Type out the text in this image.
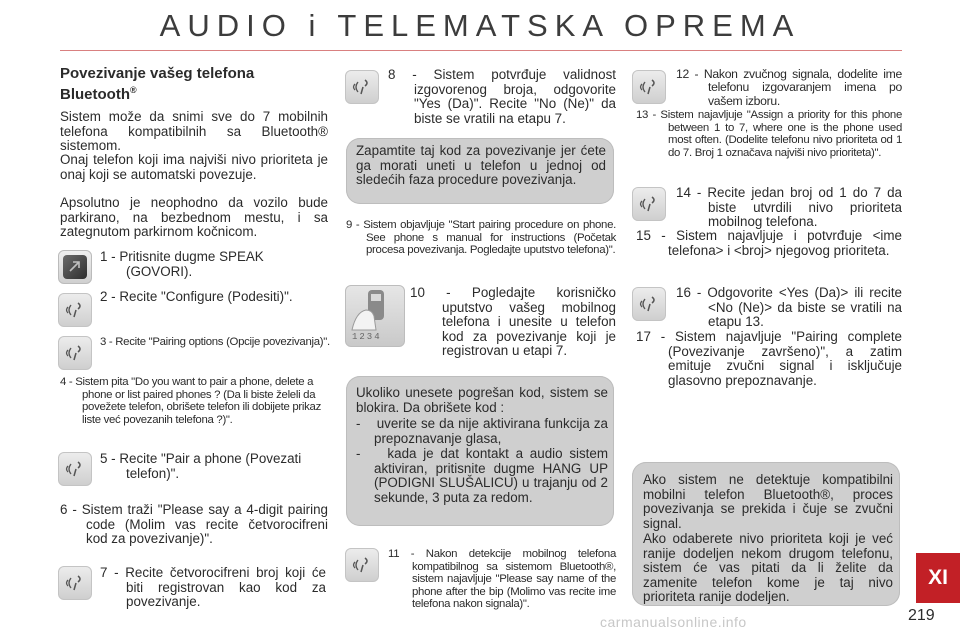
AUDIO i TELEMATSKA OPREMA
Povezivanje vašeg telefona Bluetooth®
Sistem može da snimi sve do 7 mobilnih telefona kompatibilnih sa Bluetooth® sistemom.
Onaj telefon koji ima najviši nivo prioriteta je onaj koji se automatski povezuje.
Apsolutno je neophodno da vozilo bude parkirano, na bezbednom mestu, i sa zategnutom parkirnom kočnicom.
1 - Pritisnite dugme SPEAK (GOVORI).
2 - Recite "Configure (Podesiti)".
3 - Recite "Pairing options (Opcije povezivanja)".
4 - Sistem pita "Do you want to pair a phone, delete a phone or list paired phones ? (Da li biste želeli da povežete telefon, obrišete telefon ili dobijete prikaz liste već povezanih telefona ?)".
5 - Recite "Pair a phone (Povezati telefon)".
6 - Sistem traži "Please say a 4-digit pairing code (Molim vas recite četvorocifreni kod za povezivanje)".
7 - Recite četvorocifreni broj koji će biti registrovan kao kod za povezivanje.
8 - Sistem potvrđuje validnost izgovorenog broja, odgovorite "Yes (Da)". Recite "No (Ne)" da biste se vratili na etapu 7.
Zapamtite taj kod za povezivanje jer ćete ga morati uneti u telefon u jednoj od sledećih faza procedure povezivanja.
9 - Sistem objavljuje "Start pairing procedure on phone. See phone s manual for instructions (Početak procesa povezivanja. Pogledajte uputstvo telefona)".
1234
10 - Pogledajte korisničko uputstvo vašeg mobilnog telefona i unesite u telefon kod za povezivanje koji je registrovan u etapi 7.
Ukoliko unesete pogrešan kod, sistem se blokira. Da obrišete kod :
-    uverite se da nije aktivirana funkcija za prepoznavanje glasa,
-    kada je dat kontakt a audio sistem aktiviran, pritisnite dugme HANG UP (PODIGNI SLUŠALICU) u trajanju od 2 sekunde, 3 puta za redom.
11 - Nakon detekcije mobilnog telefona kompatibilnog sa sistemom Bluetooth®, sistem najavljuje "Please say name of the phone after the bip (Molimo vas recite ime telefona nakon signala)".
12 - Nakon zvučnog signala, dodelite ime telefonu izgovaranjem imena po vašem izboru.
13 - Sistem najavljuje "Assign a priority for this phone between 1 to 7, where one is the phone used most often. (Dodelite telefonu nivo prioriteta od 1 do 7. Broj 1 označava najviši nivo prioriteta)".
14 - Recite jedan broj od 1 do 7 da biste utvrdili nivo prioriteta mobilnog telefona.
15 - Sistem najavljuje i potvrđuje <ime telefona> i <broj> njegovog prioriteta.
16 - Odgovorite <Yes (Da)> ili recite <No (Ne)> da biste se vratili na etapu 13.
17 - Sistem najavljuje "Pairing complete (Povezivanje završeno)", a zatim emituje zvučni signal i isključuje glasovno prepoznavanje.
Ako sistem ne detektuje kompatibilni mobilni telefon Bluetooth®, proces povezivanja se prekida i čuje se zvučni signal.
Ako odaberete nivo prioriteta koji je već ranije dodeljen nekom drugom telefonu, sistem će vas pitati da li želite da zamenite telefon kome je taj nivo prioriteta ranije dodeljen.
XI
219
carmanualsonline.info
